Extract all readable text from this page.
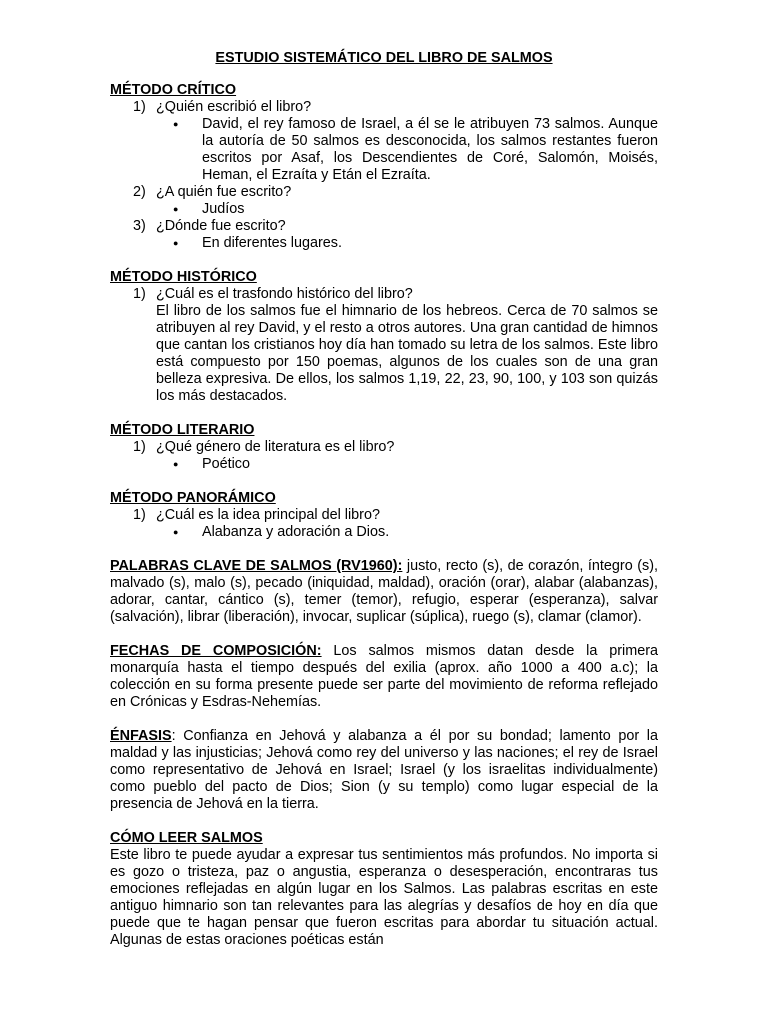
ESTUDIO SISTEMÁTICO DEL LIBRO DE SALMOS
MÉTODO CRÍTICO
1) ¿Quién escribió el libro?
●	David, el rey famoso de Israel, a él se le atribuyen 73 salmos. Aunque la autoría de 50 salmos es desconocida, los salmos restantes fueron escritos por Asaf, los Descendientes de Coré, Salomón, Moisés, Heman, el Ezraíta y Etán el Ezraíta.
2) ¿A quién fue escrito?
●	Judíos
3) ¿Dónde fue escrito?
●	En diferentes lugares.
MÉTODO HISTÓRICO
1) ¿Cuál es el trasfondo histórico del libro?

El libro de los salmos fue el himnario de los hebreos. Cerca de 70 salmos se atribuyen al rey David, y el resto a otros autores. Una gran cantidad de himnos que cantan los cristianos hoy día han tomado su letra de los salmos. Este libro está compuesto por 150 poemas, algunos de los cuales son de una gran belleza expresiva. De ellos, los salmos 1,19, 22, 23, 90, 100, y 103 son quizás los más destacados.

MÉTODO LITERARIO
1) ¿Qué género de literatura es el libro?
●	Poético
MÉTODO PANORÁMICO
1) ¿Cuál es la idea principal del libro?
●	Alabanza y adoración a Dios.

PALABRAS CLAVE DE SALMOS (RV1960): justo, recto (s), de corazón, íntegro (s), malvado (s), malo (s), pecado (iniquidad, maldad), oración (orar), alabar (alabanzas), adorar, cantar, cántico (s), temer (temor), refugio, esperar (esperanza), salvar (salvación), librar (liberación), invocar, suplicar (súplica), ruego (s), clamar (clamor).

FECHAS DE COMPOSICIÓN: Los salmos mismos datan desde la primera monarquía hasta el tiempo después del exilia (aprox. año 1000 a 400 a.c); la colección en su forma presente puede ser parte del movimiento de reforma reflejado en Crónicas y Esdras-Nehemías.

ÉNFASIS: Confianza en Jehová y alabanza a él por su bondad; lamento por la maldad y las injusticias; Jehová como rey del universo y las naciones; el rey de Israel como representativo de Jehová en Israel; Israel (y los israelitas individualmente) como pueblo del pacto de Dios; Sion (y su templo) como lugar especial de la presencia de Jehová en la tierra.

CÓMO LEER SALMOS

Este libro te puede ayudar a expresar tus sentimientos más profundos. No importa si es gozo o tristeza, paz o angustia, esperanza o desesperación, encontraras tus emociones reflejadas en algún lugar en los Salmos. Las palabras escritas en este antiguo himnario son tan relevantes para las alegrías y desafíos de hoy en día que puede que te hagan pensar que fueron escritas para abordar tu situación actual. Algunas de estas oraciones poéticas están
